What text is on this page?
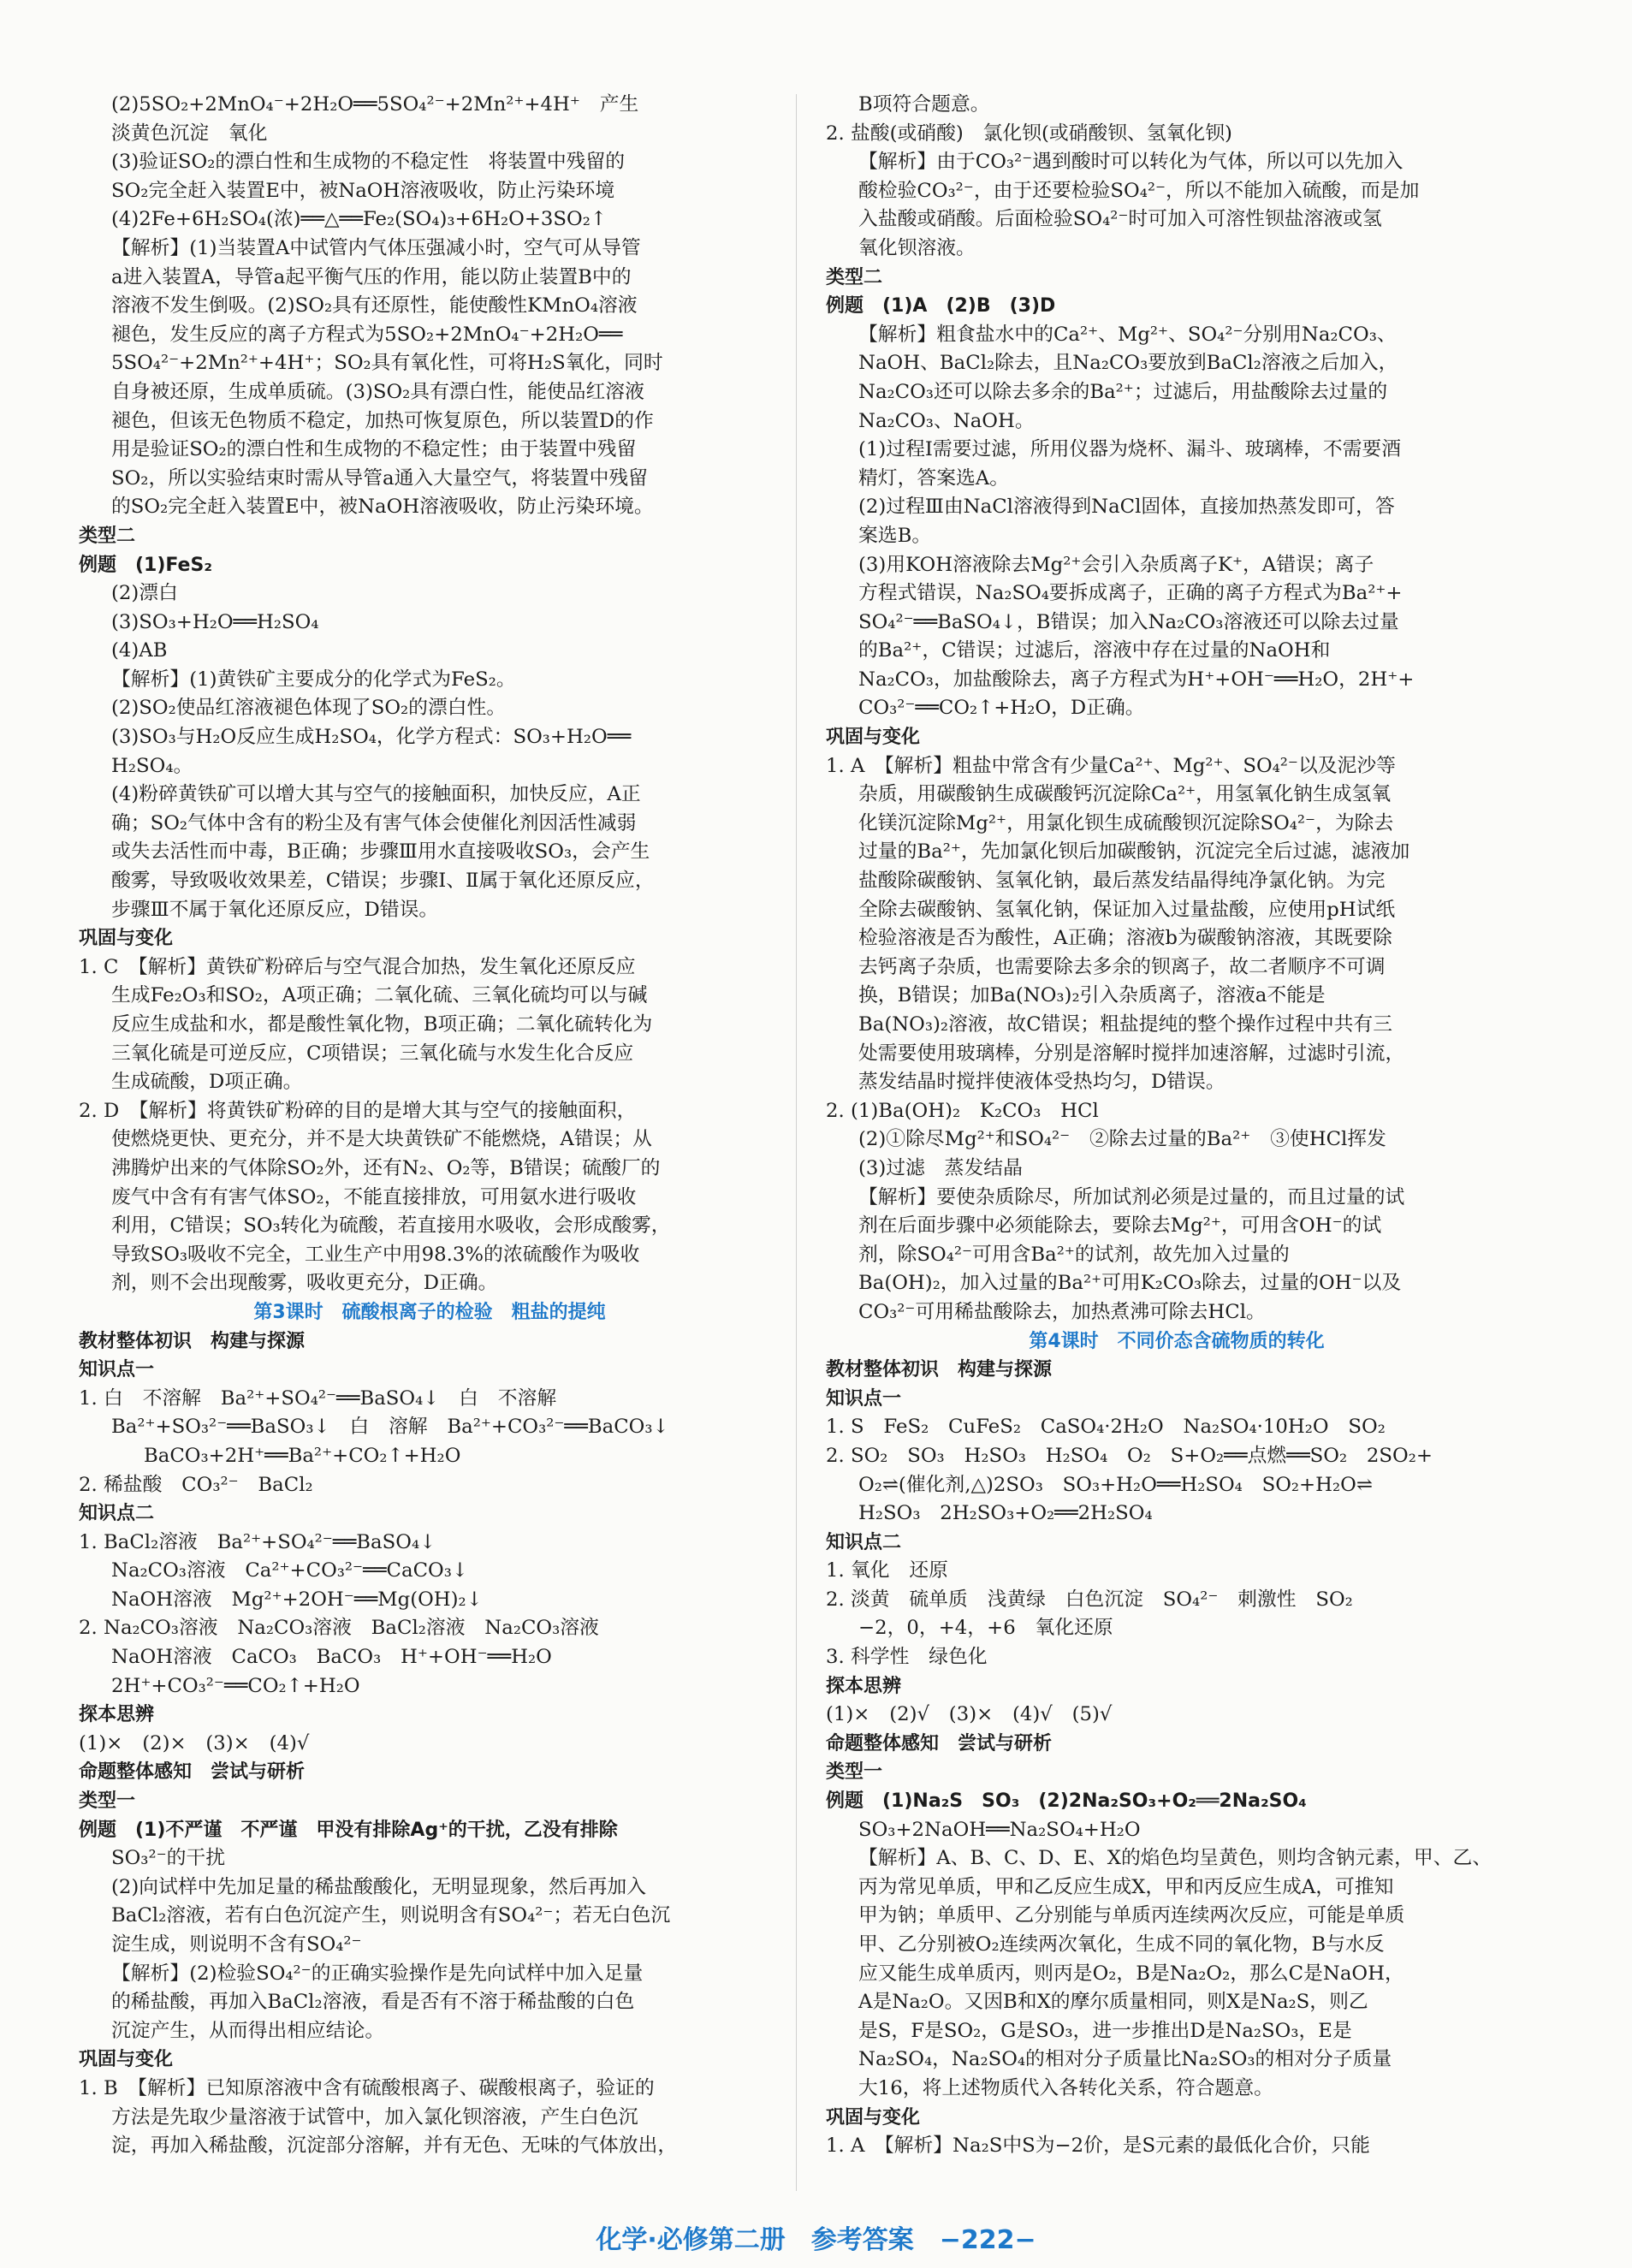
(2)5SO₂+2MnO₄⁻+2H₂O══5SO₄²⁻+2Mn²⁺+4H⁺　产生
淡黄色沉淀　氧化
(3)验证SO₂的漂白性和生成物的不稳定性　将装置中残留的
SO₂完全赶入装置E中，被NaOH溶液吸收，防止污染环境
(4)2Fe+6H₂SO₄(浓)══△══Fe₂(SO₄)₃+6H₂O+3SO₂↑
【解析】(1)当装置A中试管内气体压强减小时，空气可从导管
a进入装置A，导管a起平衡气压的作用，能以防止装置B中的
溶液不发生倒吸。(2)SO₂具有还原性，能使酸性KMnO₄溶液
褪色，发生反应的离子方程式为5SO₂+2MnO₄⁻+2H₂O══
5SO₄²⁻+2Mn²⁺+4H⁺；SO₂具有氧化性，可将H₂S氧化，同时
自身被还原，生成单质硫。(3)SO₂具有漂白性，能使品红溶液
褪色，但该无色物质不稳定，加热可恢复原色，所以装置D的作
用是验证SO₂的漂白性和生成物的不稳定性；由于装置中残留
SO₂，所以实验结束时需从导管a通入大量空气，将装置中残留
的SO₂完全赶入装置E中，被NaOH溶液吸收，防止污染环境。
类型二
例题　(1)FeS₂
(2)漂白
(3)SO₃+H₂O══H₂SO₄
(4)AB
【解析】(1)黄铁矿主要成分的化学式为FeS₂。
(2)SO₂使品红溶液褪色体现了SO₂的漂白性。
(3)SO₃与H₂O反应生成H₂SO₄，化学方程式：SO₃+H₂O══
H₂SO₄。
(4)粉碎黄铁矿可以增大其与空气的接触面积，加快反应，A正
确；SO₂气体中含有的粉尘及有害气体会使催化剂因活性减弱
或失去活性而中毒，B正确；步骤Ⅲ用水直接吸收SO₃，会产生
酸雾，导致吸收效果差，C错误；步骤Ⅰ、Ⅱ属于氧化还原反应，
步骤Ⅲ不属于氧化还原反应，D错误。
巩固与变化
1. C　【解析】黄铁矿粉碎后与空气混合加热，发生氧化还原反应
生成Fe₂O₃和SO₂，A项正确；二氧化硫、三氧化硫均可以与碱
反应生成盐和水，都是酸性氧化物，B项正确；二氧化硫转化为
三氧化硫是可逆反应，C项错误；三氧化硫与水发生化合反应
生成硫酸，D项正确。
2. D　【解析】将黄铁矿粉碎的目的是增大其与空气的接触面积，
使燃烧更快、更充分，并不是大块黄铁矿不能燃烧，A错误；从
沸腾炉出来的气体除SO₂外，还有N₂、O₂等，B错误；硫酸厂的
废气中含有有害气体SO₂，不能直接排放，可用氨水进行吸收
利用，C错误；SO₃转化为硫酸，若直接用水吸收，会形成酸雾，
导致SO₃吸收不完全，工业生产中用98.3%的浓硫酸作为吸收
剂，则不会出现酸雾，吸收更充分，D正确。
第3课时　硫酸根离子的检验　粗盐的提纯
教材整体初识　构建与探源
知识点一
1. 白　不溶解　Ba²⁺+SO₄²⁻══BaSO₄↓　白　不溶解
Ba²⁺+SO₃²⁻══BaSO₃↓　白　溶解　Ba²⁺+CO₃²⁻══BaCO₃↓
BaCO₃+2H⁺══Ba²⁺+CO₂↑+H₂O
2. 稀盐酸　CO₃²⁻　BaCl₂
知识点二
1. BaCl₂溶液　Ba²⁺+SO₄²⁻══BaSO₄↓
Na₂CO₃溶液　Ca²⁺+CO₃²⁻══CaCO₃↓
NaOH溶液　Mg²⁺+2OH⁻══Mg(OH)₂↓
2. Na₂CO₃溶液　Na₂CO₃溶液　BaCl₂溶液　Na₂CO₃溶液
NaOH溶液　CaCO₃　BaCO₃　H⁺+OH⁻══H₂O
2H⁺+CO₃²⁻══CO₂↑+H₂O
探本思辨
(1)×　(2)×　(3)×　(4)√
命题整体感知　尝试与研析
类型一
例题　(1)不严谨　不严谨　甲没有排除Ag⁺的干扰，乙没有排除
SO₃²⁻的干扰
(2)向试样中先加足量的稀盐酸酸化，无明显现象，然后再加入
BaCl₂溶液，若有白色沉淀产生，则说明含有SO₄²⁻；若无白色沉
淀生成，则说明不含有SO₄²⁻
【解析】(2)检验SO₄²⁻的正确实验操作是先向试样中加入足量
的稀盐酸，再加入BaCl₂溶液，看是否有不溶于稀盐酸的白色
沉淀产生，从而得出相应结论。
巩固与变化
1. B　【解析】已知原溶液中含有硫酸根离子、碳酸根离子，验证的
方法是先取少量溶液于试管中，加入氯化钡溶液，产生白色沉
淀，再加入稀盐酸，沉淀部分溶解，并有无色、无味的气体放出，
B项符合题意。
2. 盐酸(或硝酸)　氯化钡(或硝酸钡、氢氧化钡)
【解析】由于CO₃²⁻遇到酸时可以转化为气体，所以可以先加入
酸检验CO₃²⁻，由于还要检验SO₄²⁻，所以不能加入硫酸，而是加
入盐酸或硝酸。后面检验SO₄²⁻时可加入可溶性钡盐溶液或氢
氧化钡溶液。
类型二
例题　(1)A　(2)B　(3)D
【解析】粗食盐水中的Ca²⁺、Mg²⁺、SO₄²⁻分别用Na₂CO₃、
NaOH、BaCl₂除去，且Na₂CO₃要放到BaCl₂溶液之后加入，
Na₂CO₃还可以除去多余的Ba²⁺；过滤后，用盐酸除去过量的
Na₂CO₃、NaOH。
(1)过程Ⅰ需要过滤，所用仪器为烧杯、漏斗、玻璃棒，不需要酒
精灯，答案选A。
(2)过程Ⅲ由NaCl溶液得到NaCl固体，直接加热蒸发即可，答
案选B。
(3)用KOH溶液除去Mg²⁺会引入杂质离子K⁺，A错误；离子
方程式错误，Na₂SO₄要拆成离子，正确的离子方程式为Ba²⁺+
SO₄²⁻══BaSO₄↓，B错误；加入Na₂CO₃溶液还可以除去过量
的Ba²⁺，C错误；过滤后，溶液中存在过量的NaOH和
Na₂CO₃，加盐酸除去，离子方程式为H⁺+OH⁻══H₂O，2H⁺+
CO₃²⁻══CO₂↑+H₂O，D正确。
巩固与变化
1. A　【解析】粗盐中常含有少量Ca²⁺、Mg²⁺、SO₄²⁻以及泥沙等
杂质，用碳酸钠生成碳酸钙沉淀除Ca²⁺，用氢氧化钠生成氢氧
化镁沉淀除Mg²⁺，用氯化钡生成硫酸钡沉淀除SO₄²⁻，为除去
过量的Ba²⁺，先加氯化钡后加碳酸钠，沉淀完全后过滤，滤液加
盐酸除碳酸钠、氢氧化钠，最后蒸发结晶得纯净氯化钠。为完
全除去碳酸钠、氢氧化钠，保证加入过量盐酸，应使用pH试纸
检验溶液是否为酸性，A正确；溶液b为碳酸钠溶液，其既要除
去钙离子杂质，也需要除去多余的钡离子，故二者顺序不可调
换，B错误；加Ba(NO₃)₂引入杂质离子，溶液a不能是
Ba(NO₃)₂溶液，故C错误；粗盐提纯的整个操作过程中共有三
处需要使用玻璃棒，分别是溶解时搅拌加速溶解，过滤时引流，
蒸发结晶时搅拌使液体受热均匀，D错误。
2. (1)Ba(OH)₂　K₂CO₃　HCl
(2)①除尽Mg²⁺和SO₄²⁻　②除去过量的Ba²⁺　③使HCl挥发
(3)过滤　蒸发结晶
【解析】要使杂质除尽，所加试剂必须是过量的，而且过量的试
剂在后面步骤中必须能除去，要除去Mg²⁺，可用含OH⁻的试
剂，除SO₄²⁻可用含Ba²⁺的试剂，故先加入过量的
Ba(OH)₂，加入过量的Ba²⁺可用K₂CO₃除去，过量的OH⁻以及
CO₃²⁻可用稀盐酸除去，加热煮沸可除去HCl。
第4课时　不同价态含硫物质的转化
教材整体初识　构建与探源
知识点一
1. S　FeS₂　CuFeS₂　CaSO₄·2H₂O　Na₂SO₄·10H₂O　SO₂
2. SO₂　SO₃　H₂SO₃　H₂SO₄　O₂　S+O₂══点燃══SO₂　2SO₂+
O₂⇌(催化剂,△)2SO₃　SO₃+H₂O══H₂SO₄　SO₂+H₂O⇌
H₂SO₃　2H₂SO₃+O₂══2H₂SO₄
知识点二
1. 氧化　还原
2. 淡黄　硫单质　浅黄绿　白色沉淀　SO₄²⁻　刺激性　SO₂
−2，0，+4，+6　氧化还原
3. 科学性　绿色化
探本思辨
(1)×　(2)√　(3)×　(4)√　(5)√
命题整体感知　尝试与研析
类型一
例题　(1)Na₂S　SO₃　(2)2Na₂SO₃+O₂══2Na₂SO₄
SO₃+2NaOH══Na₂SO₄+H₂O
【解析】A、B、C、D、E、X的焰色均呈黄色，则均含钠元素，甲、乙、
丙为常见单质，甲和乙反应生成X，甲和丙反应生成A，可推知
甲为钠；单质甲、乙分别能与单质丙连续两次反应，可能是单质
甲、乙分别被O₂连续两次氧化，生成不同的氧化物，B与水反
应又能生成单质丙，则丙是O₂，B是Na₂O₂，那么C是NaOH，
A是Na₂O。又因B和X的摩尔质量相同，则X是Na₂S，则乙
是S，F是SO₂，G是SO₃，进一步推出D是Na₂SO₃，E是
Na₂SO₄，Na₂SO₄的相对分子质量比Na₂SO₃的相对分子质量
大16，将上述物质代入各转化关系，符合题意。
巩固与变化
1. A　【解析】Na₂S中S为−2价，是S元素的最低化合价，只能
化学·必修第二册　参考答案　−222−
